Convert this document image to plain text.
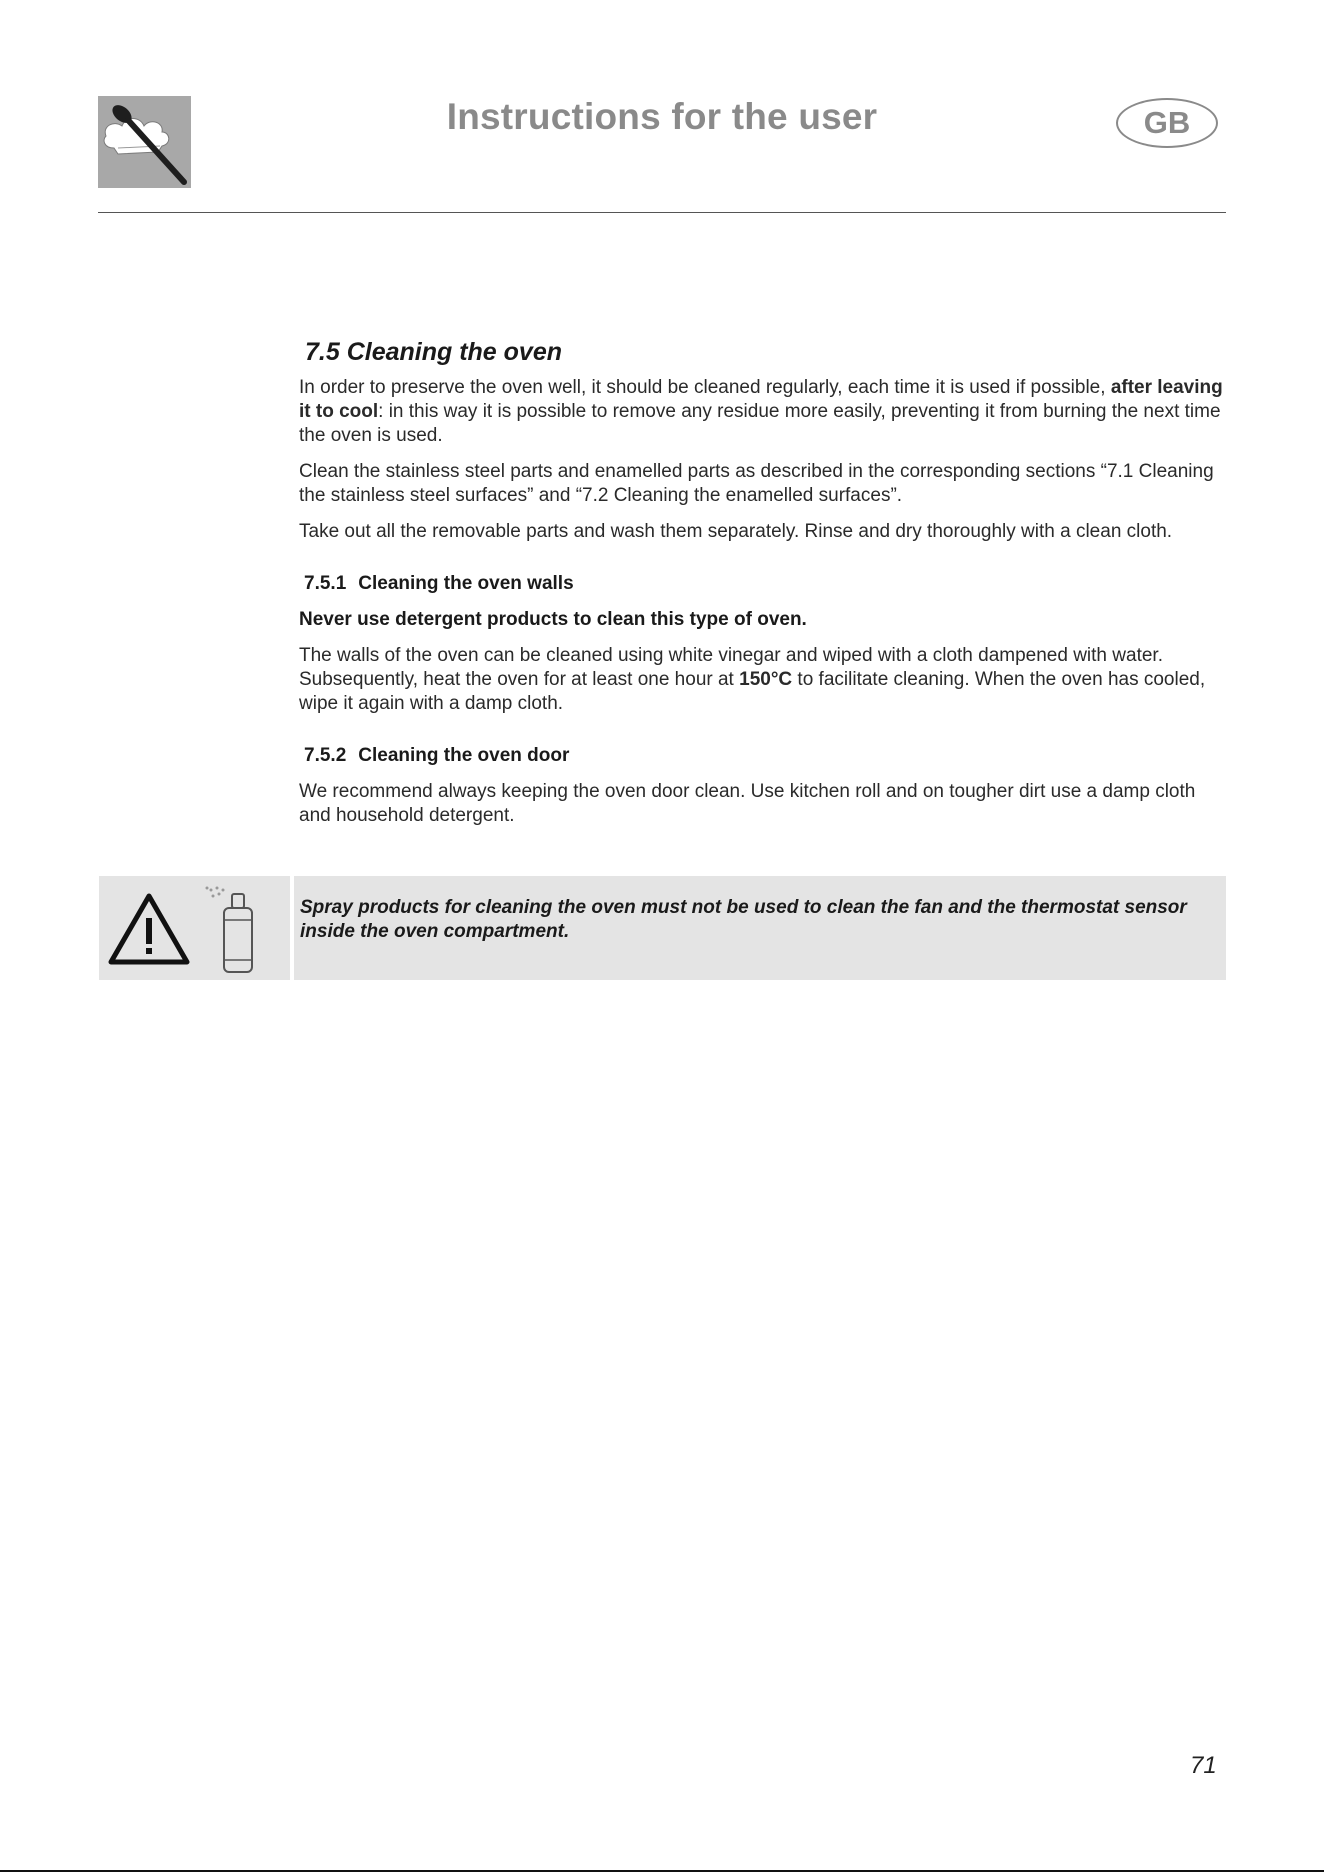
Instructions for the user	GB
7.5 Cleaning the oven

In order to preserve the oven well, it should be cleaned regularly, each time it is used if possible, after leaving it to cool: in this way it is possible to remove any residue more easily, preventing it from burning the next time the oven is used.

Clean the stainless steel parts and enamelled parts as described in the corresponding sections “7.1 Cleaning the stainless steel surfaces” and “7.2 Cleaning the enamelled surfaces”.

Take out all the removable parts and wash them separately. Rinse and dry thoroughly with a clean cloth.

7.5.1 Cleaning the oven walls

Never use detergent products to clean this type of oven.

The walls of the oven can be cleaned using white vinegar and wiped with a cloth dampened with water. Subsequently, heat the oven for at least one hour at 150°C to facilitate cleaning. When the oven has cooled, wipe it again with a damp cloth.

7.5.2 Cleaning the oven door

We recommend always keeping the oven door clean. Use kitchen roll and on tougher dirt use a damp cloth and household detergent.

Spray products for cleaning the oven must not be used to clean the fan and the thermostat sensor inside the oven compartment.
71
